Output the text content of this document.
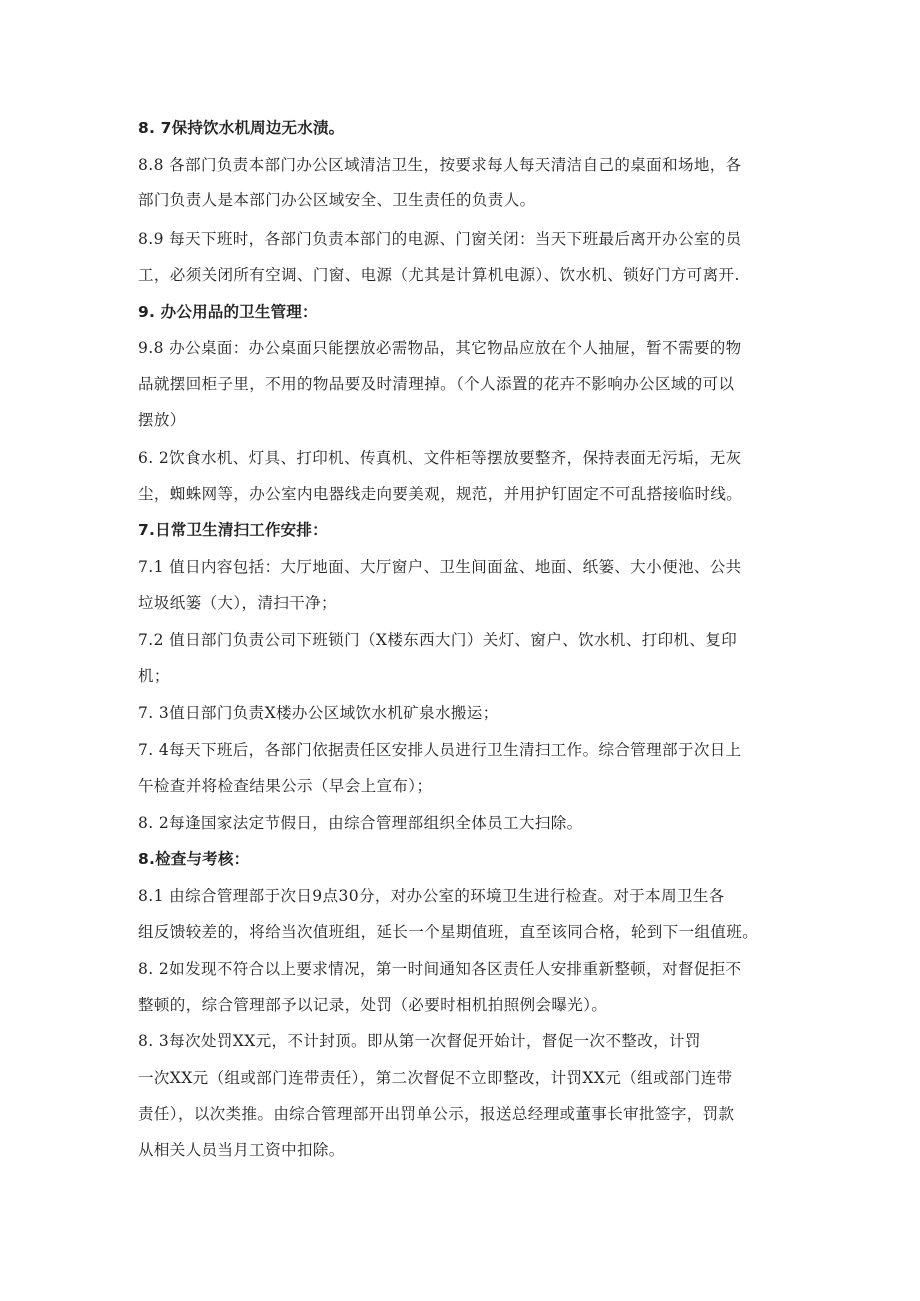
8. 7保持饮水机周边无水渍。
8.8 各部门负责本部门办公区域清洁卫生，按要求每人每天清洁自己的桌面和场地，各
部门负责人是本部门办公区域安全、卫生责任的负责人。
8.9 每天下班时，各部门负责本部门的电源、门窗关闭：当天下班最后离开办公室的员
工，必须关闭所有空调、门窗、电源（尤其是计算机电源）、饮水机、锁好门方可离开.
9. 办公用品的卫生管理：
9.8 办公桌面：办公桌面只能摆放必需物品，其它物品应放在个人抽屉，暂不需要的物
品就摆回柜子里，不用的物品要及时清理掉。（个人添置的花卉不影响办公区域的可以
摆放）
6. 2饮食水机、灯具、打印机、传真机、文件柜等摆放要整齐，保持表面无污垢，无灰
尘，蜘蛛网等，办公室内电器线走向要美观，规范，并用护钉固定不可乱搭接临时线。
7.日常卫生清扫工作安排：
7.1 值日内容包括：大厅地面、大厅窗户、卫生间面盆、地面、纸篓、大小便池、公共
垃圾纸篓（大），清扫干净；
7.2 值日部门负责公司下班锁门（X楼东西大门）关灯、窗户、饮水机、打印机、复印
机；
7. 3值日部门负责X楼办公区域饮水机矿泉水搬运；
7. 4每天下班后，各部门依据责任区安排人员进行卫生清扫工作。综合管理部于次日上
午检查并将检查结果公示（早会上宣布）；
8. 2每逢国家法定节假日，由综合管理部组织全体员工大扫除。
8.检查与考核：
8.1 由综合管理部于次日9点30分，对办公室的环境卫生进行检查。对于本周卫生各
组反馈较差的，将给当次值班组，延长一个星期值班，直至该同合格，轮到下一组值班。
8. 2如发现不符合以上要求情况，第一时间通知各区责任人安排重新整顿，对督促拒不
整顿的，综合管理部予以记录，处罚（必要时相机拍照例会曝光）。
8. 3每次处罚XX元，不计封顶。即从第一次督促开始计，督促一次不整改，计罚
一次XX元（组或部门连带责任），第二次督促不立即整改，计罚XX元（组或部门连带
责任），以次类推。由综合管理部开出罚单公示，报送总经理或董事长审批签字，罚款
从相关人员当月工资中扣除。
